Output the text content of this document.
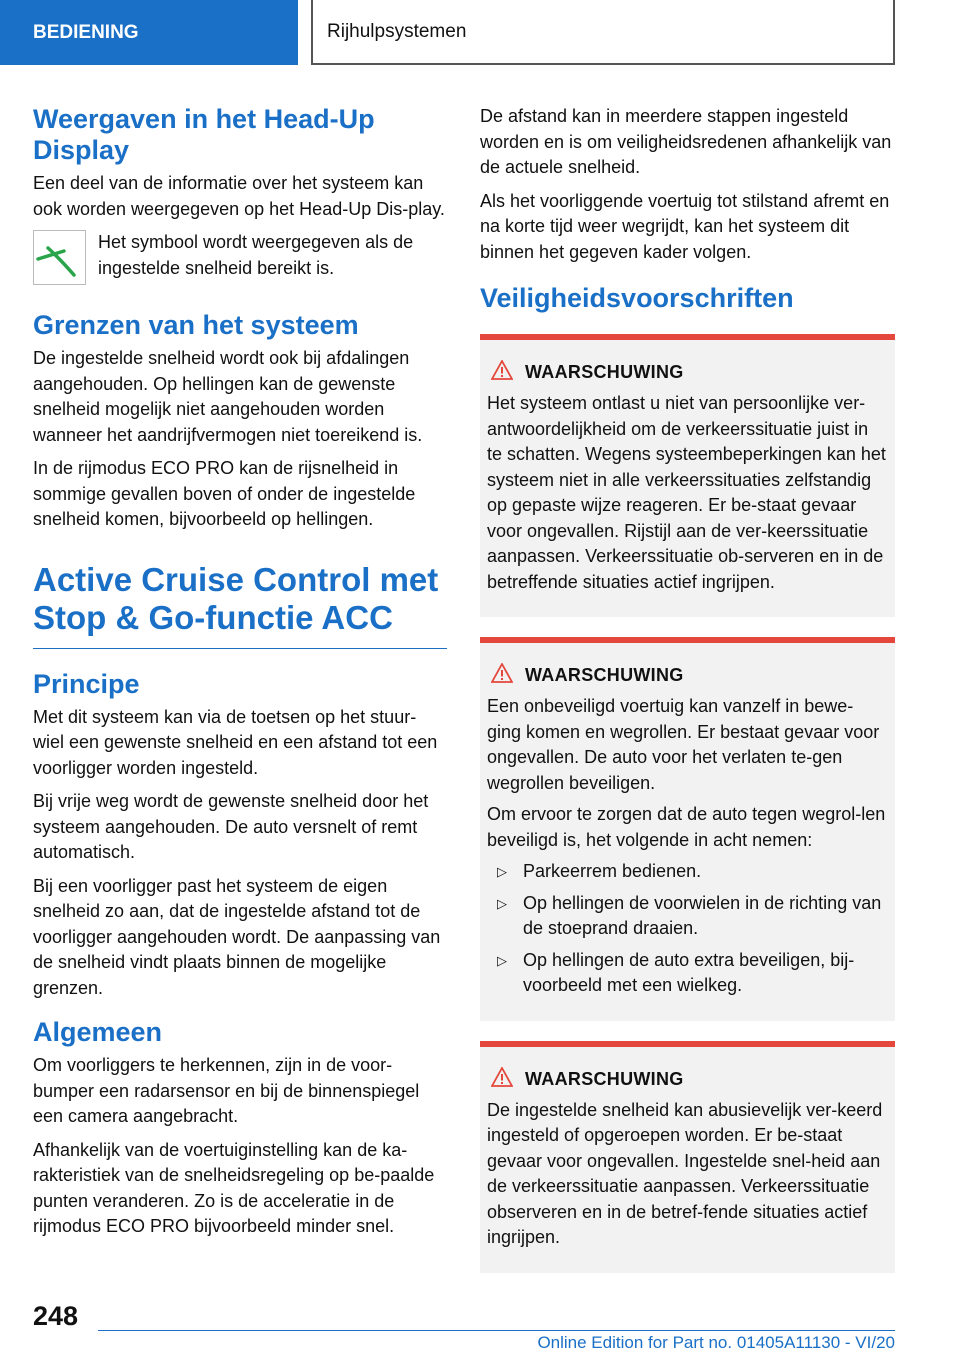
BEDIENING	Rijhulpsystemen
Weergaven in het Head-Up Display

Een deel van de informatie over het systeem kan ook worden weergegeven op het Head-Up Dis-play.

Het symbool wordt weergegeven als de ingestelde snelheid bereikt is.

Grenzen van het systeem

De ingestelde snelheid wordt ook bij afdalingen aangehouden. Op hellingen kan de gewenste snelheid mogelijk niet aangehouden worden wanneer het aandrijfvermogen niet toereikend is.

In de rijmodus ECO PRO kan de rijsnelheid in sommige gevallen boven of onder de ingestelde snelheid komen, bijvoorbeeld op hellingen.

Active Cruise Control met Stop & Go-functie ACC
Principe

Met dit systeem kan via de toetsen op het stuur-wiel een gewenste snelheid en een afstand tot een voorligger worden ingesteld.

Bij vrije weg wordt de gewenste snelheid door het systeem aangehouden. De auto versnelt of remt automatisch.

Bij een voorligger past het systeem de eigen snelheid zo aan, dat de ingestelde afstand tot de voorligger aangehouden wordt. De aanpassing van de snelheid vindt plaats binnen de mogelijke grenzen.

Algemeen

Om voorliggers te herkennen, zijn in de voor-bumper een radarsensor en bij de binnenspiegel een camera aangebracht.

Afhankelijk van de voertuiginstelling kan de ka-rakteristiek van de snelheidsregeling op be-paalde punten veranderen. Zo is de acceleratie in de rijmodus ECO PRO bijvoorbeeld minder snel.

De afstand kan in meerdere stappen ingesteld worden en is om veiligheidsredenen afhankelijk van de actuele snelheid.

Als het voorliggende voertuig tot stilstand afremt en na korte tijd weer wegrijdt, kan het systeem dit binnen het gegeven kader volgen.

Veiligheidsvoorschriften
WAARSCHUWING

Het systeem ontlast u niet van persoonlijke ver-antwoordelijkheid om de verkeerssituatie juist in te schatten. Wegens systeembeperkingen kan het systeem niet in alle verkeerssituaties zelfstandig op gepaste wijze reageren. Er be-staat gevaar voor ongevallen. Rijstijl aan de ver-keerssituatie aanpassen. Verkeerssituatie ob-serveren en in de betreffende situaties actief ingrijpen.

WAARSCHUWING

Een onbeveiligd voertuig kan vanzelf in bewe-ging komen en wegrollen. Er bestaat gevaar voor ongevallen. De auto voor het verlaten te-gen wegrollen beveiligen.

Om ervoor te zorgen dat de auto tegen wegrol-len beveiligd is, het volgende in acht nemen:

▷ Parkeerrem bedienen.
▷ Op hellingen de voorwielen in de richting van de stoeprand draaien.
▷ Op hellingen de auto extra beveiligen, bij-voorbeeld met een wielkeg.
WAARSCHUWING

De ingestelde snelheid kan abusievelijk ver-keerd ingesteld of opgeroepen worden. Er be-staat gevaar voor ongevallen. Ingestelde snel-heid aan de verkeerssituatie aanpassen. Verkeerssituatie observeren en in de betref-fende situaties actief ingrijpen.

248
Online Edition for Part no. 01405A11130 - VI/20
